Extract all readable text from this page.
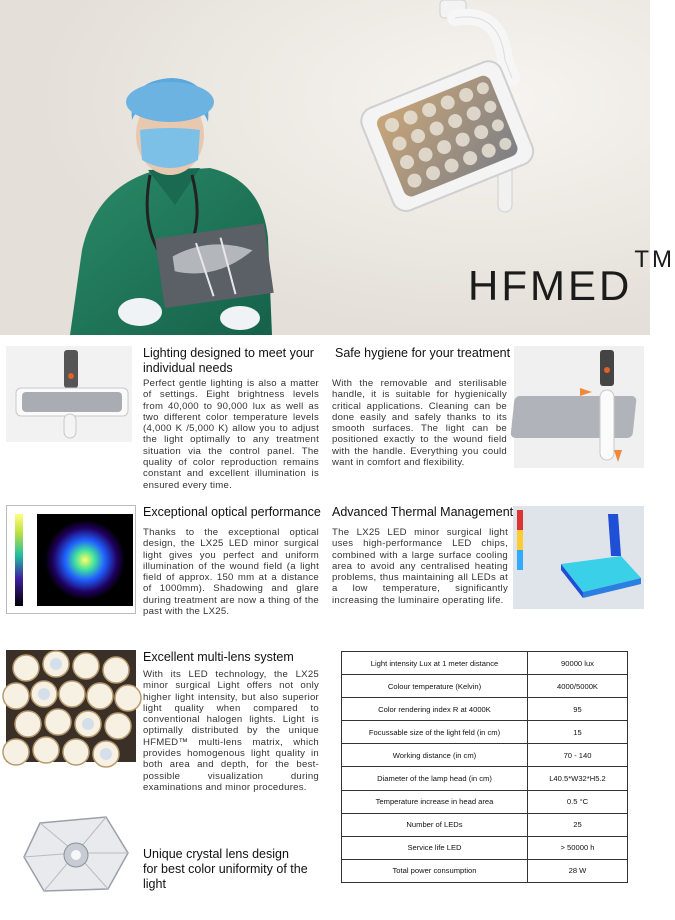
HFMED™
Lighting designed to meet your individual needs
Perfect gentle lighting is also a matter of settings. Eight brightness levels from 40,000 to 90,000 lux as well as two different color temperature levels (4,000 K /5,000 K) allow you to adjust the light optimally to any treatment situation via the control panel. The quality of color reproduction remains constant and excellent illumination is ensured every time.
Safe hygiene for your treatment
With the removable and sterilisable handle, it is suitable for hygienically critical applications. Cleaning can be done easily and safely thanks to its smooth surfaces. The light can be positioned exactly to the wound field with the handle. Everything you could want in comfort and flexibility.
Exceptional optical performance
Thanks to the exceptional optical design, the LX25 LED minor surgical light gives you perfect and uniform illumination of the wound field (a light field of approx. 150 mm at a distance of 1000mm). Shadowing and glare during treatment are now a thing of the past with the LX25.
Advanced Thermal Management
The LX25 LED minor surgical light uses high-performance LED chips, combined with a large surface cooling area to avoid any centralised heating problems, thus maintaining all LEDs at a low temperature, significantly increasing the luminaire operating life.
Excellent multi-lens system
With its LED technology, the LX25 minor surgical Light offers not only higher light intensity, but also superior light quality when compared to conventional halogen lights. Light is optimally distributed by the unique HFMED™ multi-lens matrix, which provides homogenous light quality in both area and depth, for the best-possible visualization during examinations and minor procedures.
Unique crystal lens design
for best color uniformity of the light
Light intensity Lux at 1 meter distance	90000 lux
Colour temperature (Kelvin)	4000/5000K
Color rendering index R at 4000K	95
Focussable size of the light feld (in cm)	15
Working distance (in cm)	70 - 140
Diameter of the lamp head (in cm)	L40.5*W32*H5.2
Temperature increase in head area	0.5 °C
Number of LEDs	25
Service life LED	> 50000 h
Total power consumption	28 W
